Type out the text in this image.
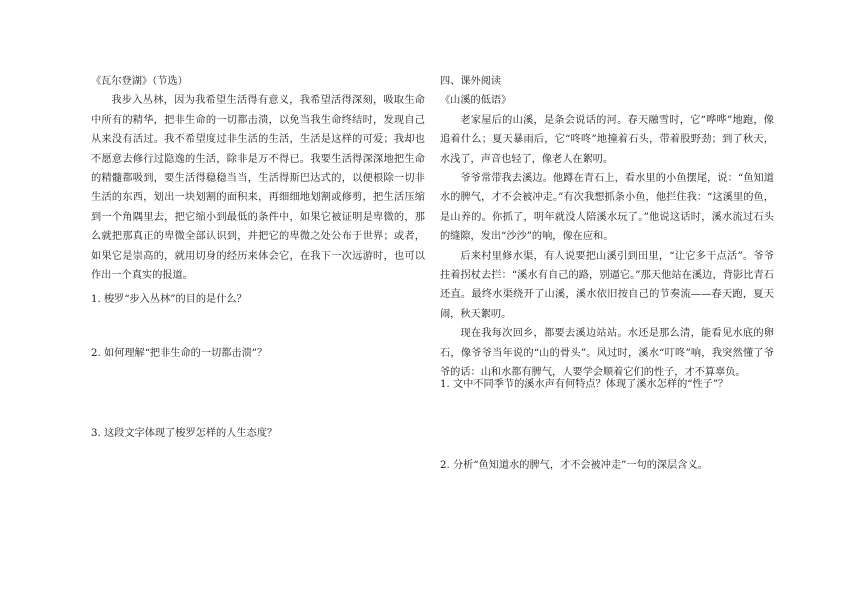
《瓦尔登湖》（节选）

我步入丛林，因为我希望生活得有意义，我希望活得深刻，吸取生命中所有的精华，把非生命的一切都击溃，以免当我生命终结时，发现自己从来没有活过。我不希望度过非生活的生活，生活是这样的可爱；我却也不愿意去修行过隐逸的生活，除非是万不得已。我要生活得深深地把生命的精髓都吸到，要生活得稳稳当当，生活得斯巴达式的，以便根除一切非生活的东西，划出一块划割的面积来，再细细地划割或修剪，把生活压缩到一个角隅里去，把它缩小到最低的条件中，如果它被证明是卑微的，那么就把那真正的卑微全部认识到，并把它的卑微之处公布于世界；或者，如果它是崇高的，就用切身的经历来体会它，在我下一次远游时，也可以作出一个真实的报道。

1. 梭罗“步入丛林”的目的是什么？
2. 如何理解“把非生命的一切都击溃”？
3. 这段文字体现了梭罗怎样的人生态度？

四、课外阅读

《山溪的低语》

老家屋后的山溪，是条会说话的河。春天融雪时，它“哗哗”地跑，像追着什么；夏天暴雨后，它“咚咚”地撞着石头，带着股野劲；到了秋天，水浅了，声音也轻了，像老人在絮叨。

爷爷常带我去溪边。他蹲在青石上，看水里的小鱼摆尾，说：“鱼知道水的脾气，才不会被冲走。”有次我想抓条小鱼，他拦住我：“这溪里的鱼，是山养的。你抓了，明年就没人陪溪水玩了。”他说这话时，溪水流过石头的缝隙，发出“沙沙”的响，像在应和。

后来村里修水渠，有人说要把山溪引到田里，“让它多干点活”。爷爷拄着拐杖去拦：“溪水有自己的路，别逼它。”那天他站在溪边，背影比青石还直。最终水渠绕开了山溪，溪水依旧按自己的节奏流——春天跑，夏天闹，秋天絮叨。

现在我每次回乡，都要去溪边站站。水还是那么清，能看见水底的卵石，像爷爷当年说的“山的骨头”。风过时，溪水“叮咚”响，我突然懂了爷爷的话：山和水都有脾气，人要学会顺着它们的性子，才不算辜负。

1. 文中不同季节的溪水声有何特点？体现了溪水怎样的“性子”？
2. 分析“鱼知道水的脾气，才不会被冲走”一句的深层含义。
